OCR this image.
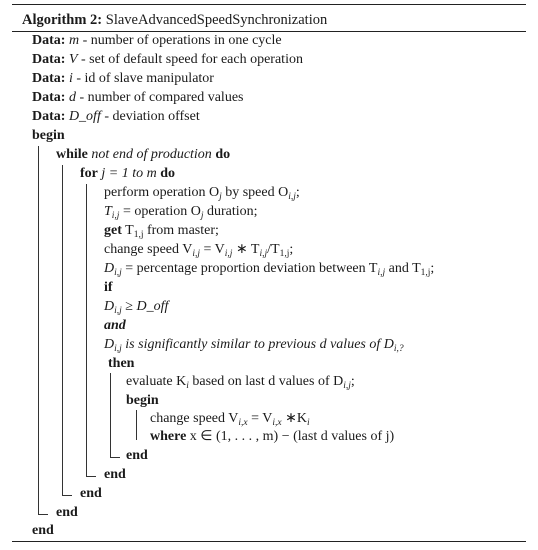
Algorithm 2: SlaveAdvancedSpeedSynchronization
Data: m - number of operations in one cycle
Data: V - set of default speed for each operation
Data: i - id of slave manipulator
Data: d - number of compared values
Data: D_off - deviation offset
begin
while not end of production do
for j = 1 to m do
perform operation $O_j$ by speed $O_{i,j}$;
$T_{i,j}$ = operation $O_j$ duration;
get $T_{1,j}$ from master;
change speed $V_{i,j} = V_{i,j}$ ∗ $T_{i,j}/T_{1,j}$;
$D_{i,j}$ = percentage proportion deviation between $T_{i,j}$ and $T_{1,j}$;
if
$D_{i,j}$ ≥ D_off
and
$D_{i,j}$ is significantly similar to previous d values of $D_{i,?}$
then
evaluate $K_i$ based on last d values of $D_{i,j}$;
begin
change speed $V_{i,x} = V_{i,x}$ $∗K_i$
where x ∈ (1, . . . , m) − (last d values of j)
end
end
end
end
end
